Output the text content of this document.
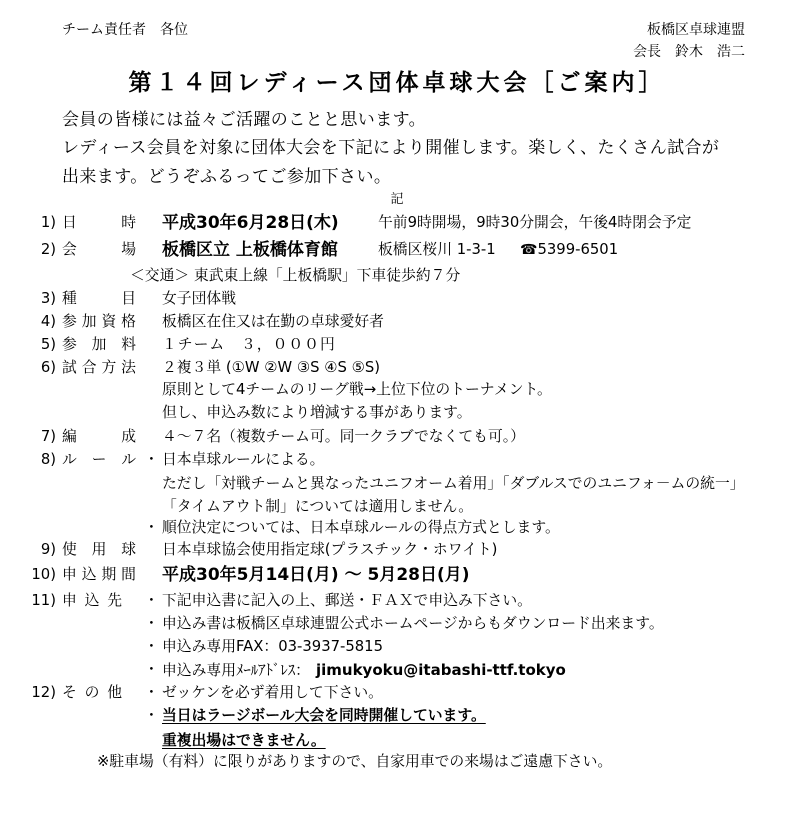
チーム責任者　各位	板橋区卓球連盟
会長　鈴木　浩二
第１４回レディース団体卓球大会［ご案内］
会員の皆様には益々ご活躍のことと思います。
レディース会員を対象に団体大会を下記により開催します。楽しく、たくさん試合が
出来ます。どうぞふるってご参加下さい。
記
1) 日	時 平成30年6月28日(木)	午前9時開場，9時30分開会，午後4時閉会予定
2) 会	場 板橋区立 上板橋体育館	板橋区桜川 1-3-1
☎	5399-6501
＜交通＞ 東武東上線「上板橋駅」下車徒歩約７分
3) 種	目 女子団体戦
4) 参 加 資 格 板橋区在住又は在勤の卓球愛好者
5) 参 加 料 １チーム　３，０００円
6) 試 合 方 法 ２複３単 (①W ②W ③S ④S ⑤S)
原則として4チームのリーグ戦→上位下位のトーナメント。
但し、申込み数により増減する事があります。
7) 編	成 ４～７名（複数チーム可。同一クラブでなくても可。）
8) ル ー ル ・ 日本卓球ルールによる。
ただし「対戦チームと異なったユニフオーム着用」「ダブルスでのユニフォ－ムの統一」
「タイムアウト制」については適用しません。
・ 順位決定については、日本卓球ルールの得点方式とします。
9) 使 用 球 日本卓球協会使用指定球(プラスチック・ホワイト)
10) 申 込 期 間 平成30年5月14日(月) ～ 5月28日(月)
11) 申 込 先 ・ 下記申込書に記入の上、郵送・ＦＡＸで申込み下さい。
・ 申込み書は板橋区卓球連盟公式ホームページからもダウンロード出来ます。
・ 申込み専用FAX：03-3937-5815
・ 申込み専用ﾒｰﾙｱﾄﾞﾚｽ： jimukyoku@itabashi-ttf.tokyo
12) そ の 他 ・ ゼッケンを必ず着用して下さい。
・ 当日はラージボール大会を同時開催しています。
重複出場はできません。
※駐車場（有料）に限りがありますので、自家用車での来場はご遠慮下さい。
